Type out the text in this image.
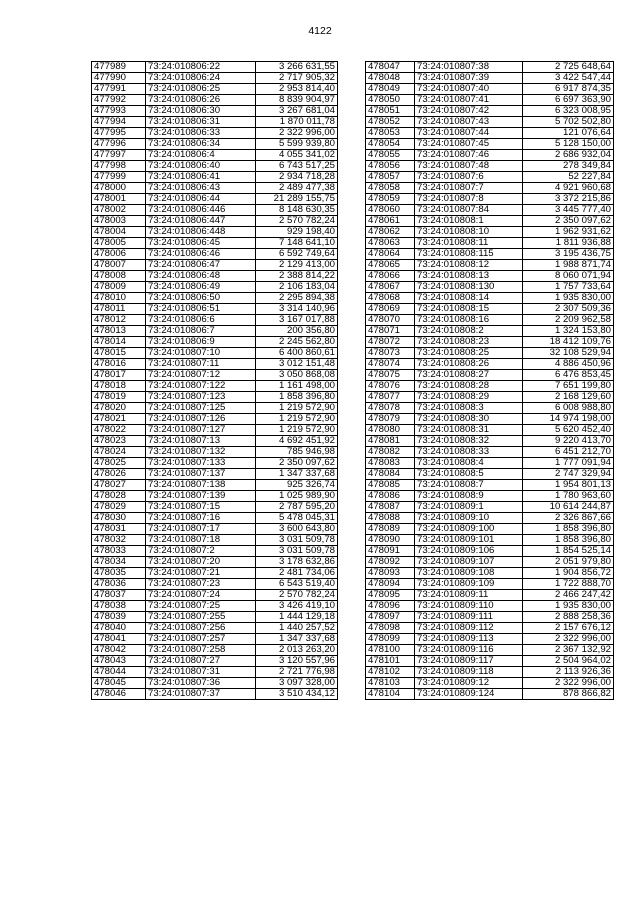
4122
477989	73:24:010806:22	3 266 631,55
477990	73:24:010806:24	2 717 905,32
477991	73:24:010806:25	2 953 814,40
477992	73:24:010806:26	8 839 904,97
477993	73:24:010806:30	3 267 681,04
477994	73:24:010806:31	1 870 011,78
477995	73:24:010806:33	2 322 996,00
477996	73:24:010806:34	5 599 939,80
477997	73:24:010806:4	4 055 341,02
477998	73:24:010806:40	6 743 517,25
477999	73:24:010806:41	2 934 718,28
478000	73:24:010806:43	2 489 477,38
478001	73:24:010806:44	21 289 155,75
478002	73:24:010806:446	8 148 630,35
478003	73:24:010806:447	2 570 782,24
478004	73:24:010806:448	929 198,40
478005	73:24:010806:45	7 148 641,10
478006	73:24:010806:46	6 592 749,64
478007	73:24:010806:47	2 129 413,00
478008	73:24:010806:48	2 388 814,22
478009	73:24:010806:49	2 106 183,04
478010	73:24:010806:50	2 295 894,38
478011	73:24:010806:51	3 314 140,96
478012	73:24:010806:6	3 167 017,88
478013	73:24:010806:7	200 356,80
478014	73:24:010806:9	2 245 562,80
478015	73:24:010807:10	6 400 860,61
478016	73:24:010807:11	3 012 151,48
478017	73:24:010807:12	3 050 868,08
478018	73:24:010807:122	1 161 498,00
478019	73:24:010807:123	1 858 396,80
478020	73:24:010807:125	1 219 572,90
478021	73:24:010807:126	1 219 572,90
478022	73:24:010807:127	1 219 572,90
478023	73:24:010807:13	4 692 451,92
478024	73:24:010807:132	785 946,98
478025	73:24:010807:133	2 350 097,62
478026	73:24:010807:137	1 347 337,68
478027	73:24:010807:138	925 326,74
478028	73:24:010807:139	1 025 989,90
478029	73:24:010807:15	2 787 595,20
478030	73:24:010807:16	5 478 045,31
478031	73:24:010807:17	3 600 643,80
478032	73:24:010807:18	3 031 509,78
478033	73:24:010807:2	3 031 509,78
478034	73:24:010807:20	3 178 632,86
478035	73:24:010807:21	2 481 734,06
478036	73:24:010807:23	6 543 519,40
478037	73:24:010807:24	2 570 782,24
478038	73:24:010807:25	3 426 419,10
478039	73:24:010807:255	1 444 129,18
478040	73:24:010807:256	1 440 257,52
478041	73:24:010807:257	1 347 337,68
478042	73:24:010807:258	2 013 263,20
478043	73:24:010807:27	3 120 557,96
478044	73:24:010807:31	2 721 776,98
478045	73:24:010807:36	3 097 328,00
478046	73:24:010807:37	3 510 434,12
478047	73:24:010807:38	2 725 648,64
478048	73:24:010807:39	3 422 547,44
478049	73:24:010807:40	6 917 874,35
478050	73:24:010807:41	6 697 363,90
478051	73:24:010807:42	6 323 008,95
478052	73:24:010807:43	5 702 502,80
478053	73:24:010807:44	121 076,64
478054	73:24:010807:45	5 128 150,00
478055	73:24:010807:46	2 686 932,04
478056	73:24:010807:48	278 349,84
478057	73:24:010807:6	52 227,84
478058	73:24:010807:7	4 921 960,68
478059	73:24:010807:8	3 372 215,86
478060	73:24:010807:84	3 445 777,40
478061	73:24:010808:1	2 350 097,62
478062	73:24:010808:10	1 962 931,62
478063	73:24:010808:11	1 811 936,88
478064	73:24:010808:115	3 195 436,75
478065	73:24:010808:12	1 988 871,74
478066	73:24:010808:13	8 060 071,94
478067	73:24:010808:130	1 757 733,64
478068	73:24:010808:14	1 935 830,00
478069	73:24:010808:15	2 307 509,36
478070	73:24:010808:16	2 209 962,58
478071	73:24:010808:2	1 324 153,80
478072	73:24:010808:23	18 412 109,76
478073	73:24:010808:25	32 108 529,94
478074	73:24:010808:26	4 886 450,96
478075	73:24:010808:27	6 476 853,45
478076	73:24:010808:28	7 651 199,80
478077	73:24:010808:29	2 168 129,60
478078	73:24:010808:3	6 008 988,80
478079	73:24:010808:30	14 974 198,00
478080	73:24:010808:31	5 620 452,40
478081	73:24:010808:32	9 220 413,70
478082	73:24:010808:33	6 451 212,70
478083	73:24:010808:4	1 777 091,94
478084	73:24:010808:5	2 747 329,94
478085	73:24:010808:7	1 954 801,13
478086	73:24:010808:9	1 780 963,60
478087	73:24:010809:1	10 614 244,87
478088	73:24:010809:10	2 326 867,66
478089	73:24:010809:100	1 858 396,80
478090	73:24:010809:101	1 858 396,80
478091	73:24:010809:106	1 854 525,14
478092	73:24:010809:107	2 051 979,80
478093	73:24:010809:108	1 904 856,72
478094	73:24:010809:109	1 722 888,70
478095	73:24:010809:11	2 466 247,42
478096	73:24:010809:110	1 935 830,00
478097	73:24:010809:111	2 888 258,36
478098	73:24:010809:112	2 157 676,12
478099	73:24:010809:113	2 322 996,00
478100	73:24:010809:116	2 367 132,92
478101	73:24:010809:117	2 504 964,02
478102	73:24:010809:118	2 113 926,36
478103	73:24:010809:12	2 322 996,00
478104	73:24:010809:124	878 866,82
